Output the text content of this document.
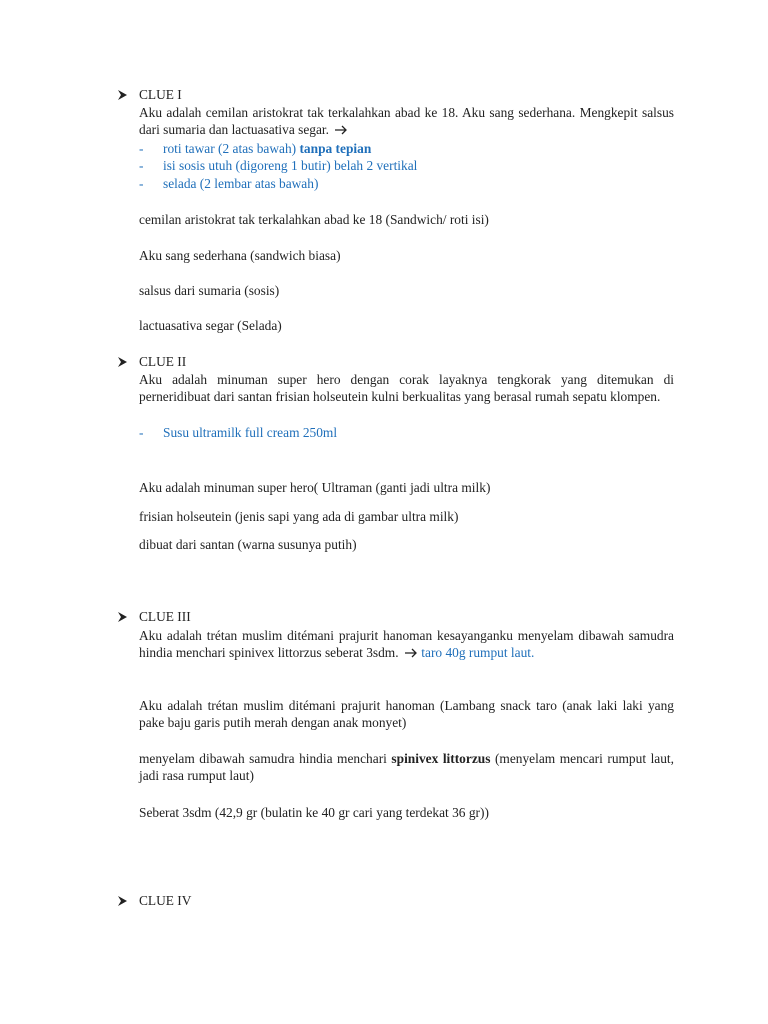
CLUE I
Aku adalah cemilan aristokrat tak terkalahkan abad ke 18. Aku sang sederhana. Mengkepit salsus dari sumaria dan lactuasativa segar.
- roti tawar (2 atas bawah) tanpa tepian
- isi sosis utuh (digoreng 1 butir) belah 2 vertikal
- selada (2 lembar atas bawah)
cemilan aristokrat tak terkalahkan abad ke 18 (Sandwich/ roti isi)
Aku sang sederhana (sandwich biasa)
salsus dari sumaria (sosis)
lactuasativa segar (Selada)
CLUE II
Aku adalah minuman super hero dengan corak layaknya tengkorak yang ditemukan di perneridibuat dari santan frisian holseutein kulni berkualitas yang berasal rumah sepatu klompen.
- Susu ultramilk full cream 250ml
Aku adalah minuman super hero( Ultraman (ganti jadi ultra milk)
frisian holseutein (jenis sapi yang ada di gambar ultra milk)
dibuat dari santan (warna susunya putih)
CLUE III
Aku adalah trétan muslim ditémani prajurit hanoman kesayanganku menyelam dibawah samudra hindia menchari spinivex littorzus seberat 3sdm. taro 40g rumput laut.
Aku adalah trétan muslim ditémani prajurit hanoman (Lambang snack taro (anak laki laki yang pake baju garis putih merah dengan anak monyet)
menyelam dibawah samudra hindia menchari spinivex littorzus (menyelam mencari rumput laut, jadi rasa rumput laut)
Seberat 3sdm (42,9 gr (bulatin ke 40 gr cari yang terdekat 36 gr))
CLUE IV
